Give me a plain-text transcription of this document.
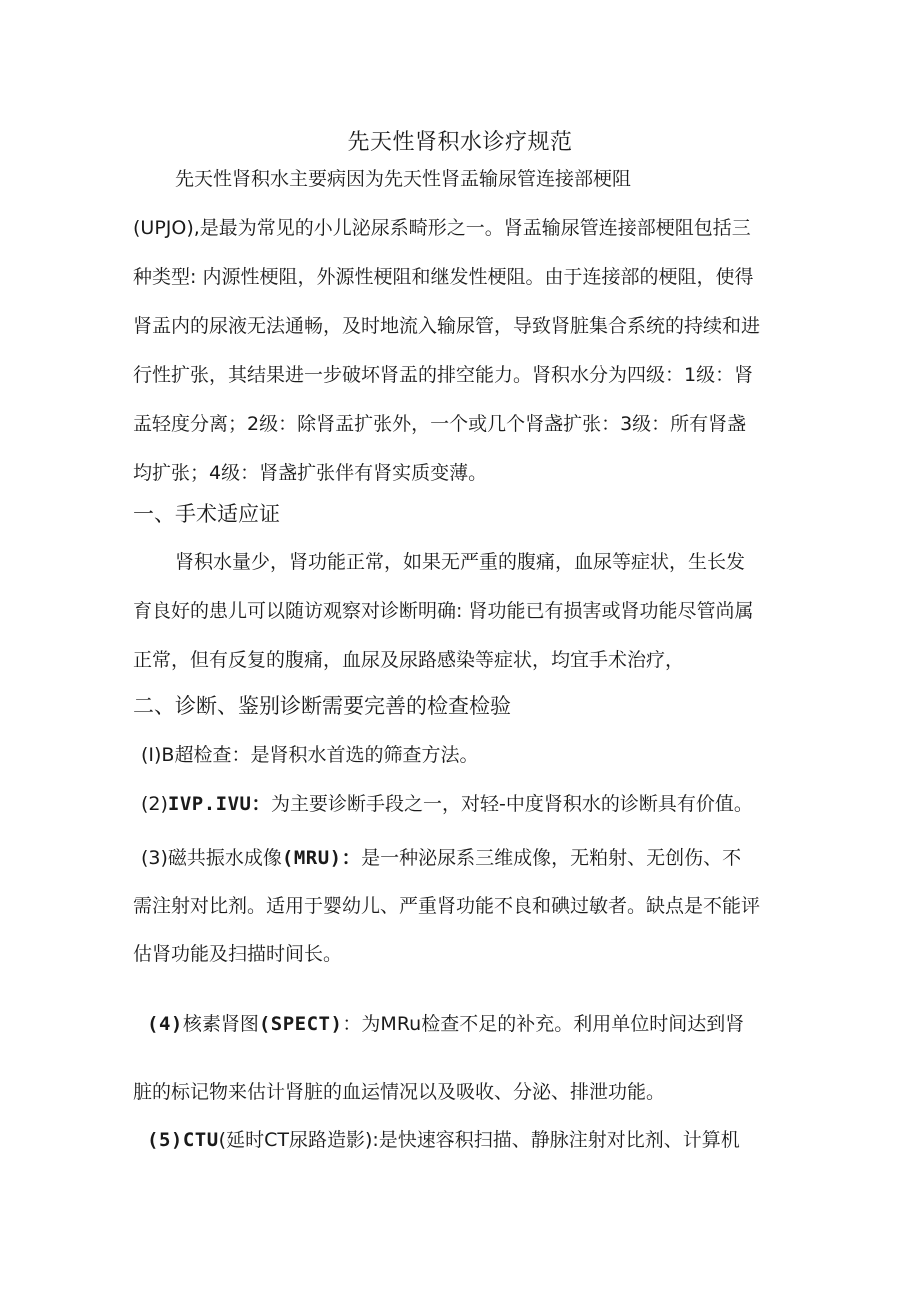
先天性肾积水诊疗规范
先天性肾积水主要病因为先天性肾盂输尿管连接部梗阻
(UPJO),是最为常见的小儿泌尿系畸形之一。肾盂输尿管连接部梗阻包括三
种类型: 内源性梗阻，外源性梗阻和继发性梗阻。由于连接部的梗阻，使得
肾盂内的尿液无法通畅，及时地流入输尿管，导致肾脏集合系统的持续和进
行性扩张，其结果进一步破坏肾盂的排空能力。肾积水分为四级：1级：肾
盂轻度分离；2级：除肾盂扩张外，一个或几个肾盏扩张：3级：所有肾盏
均扩张；4级：肾盏扩张伴有肾实质变薄。
一、手术适应证
肾积水量少，肾功能正常，如果无严重的腹痛，血尿等症状，生长发
育良好的患儿可以随访观察对诊断明确: 肾功能已有损害或肾功能尽管尚属
正常，但有反复的腹痛，血尿及尿路感染等症状，均宜手术治疗，
二、诊断、鉴别诊断需要完善的检查检验
(I)B超检查：是肾积水首选的筛查方法。
(2)IVP.IVU：为主要诊断手段之一，对轻-中度肾积水的诊断具有价值。
(3)磁共振水成像(MRU)：是一种泌尿系三维成像，无粕射、无创伤、不
需注射对比剂。适用于婴幼儿、严重肾功能不良和碘过敏者。缺点是不能评
估肾功能及扫描时间长。
(4)核素肾图(SPECT)：为MRu检查不足的补充。利用单位时间达到肾
脏的标记物来估计肾脏的血运情况以及吸收、分泌、排泄功能。
(5)CTU(延时CT尿路造影):是快速容积扫描、静脉注射对比剂、计算机
